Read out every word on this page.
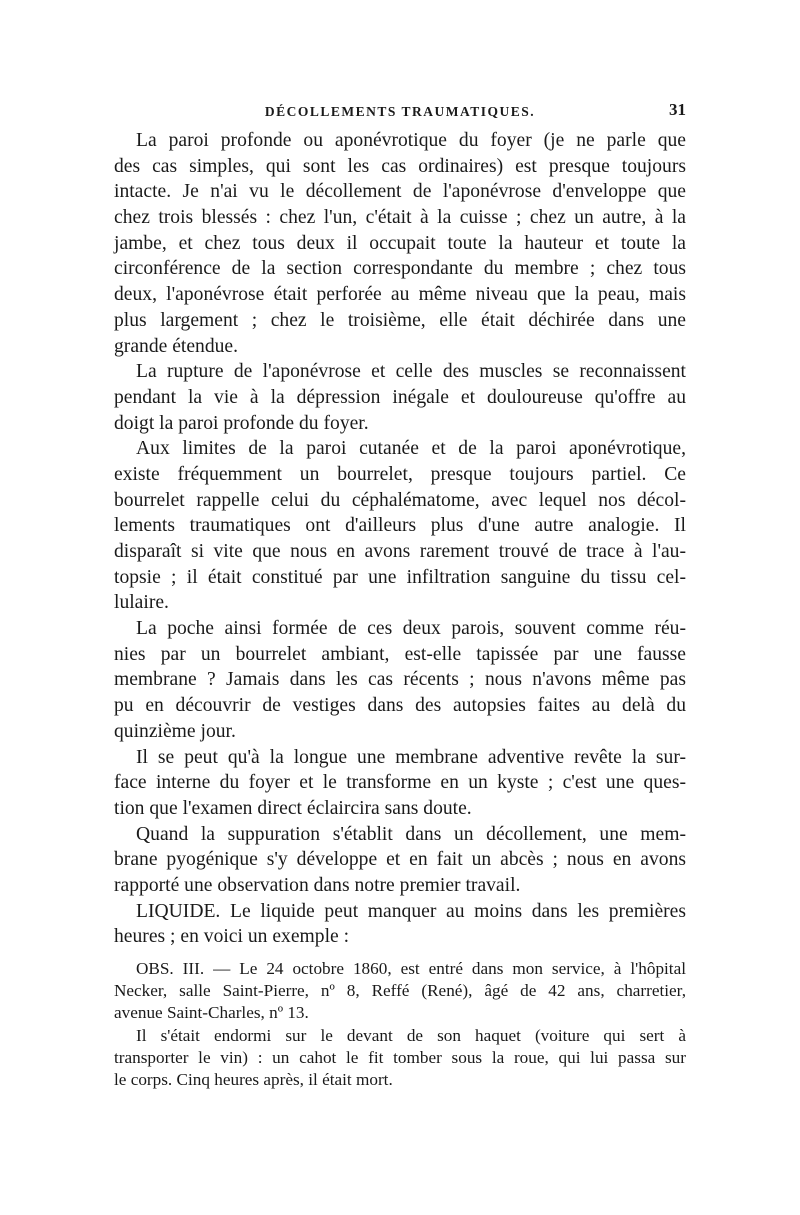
DÉCOLLEMENTS TRAUMATIQUES.	31
La paroi profonde ou aponévrotique du foyer (je ne parle que
des cas simples, qui sont les cas ordinaires) est presque toujours
intacte. Je n'ai vu le décollement de l'aponévrose d'enveloppe que
chez trois blessés : chez l'un, c'était à la cuisse ; chez un autre, à la
jambe, et chez tous deux il occupait toute la hauteur et toute la
circonférence de la section correspondante du membre ; chez tous
deux, l'aponévrose était perforée au même niveau que la peau, mais
plus largement ; chez le troisième, elle était déchirée dans une
grande étendue.
La rupture de l'aponévrose et celle des muscles se reconnaissent
pendant la vie à la dépression inégale et douloureuse qu'offre au
doigt la paroi profonde du foyer.
Aux limites de la paroi cutanée et de la paroi aponévrotique,
existe fréquemment un bourrelet, presque toujours partiel. Ce
bourrelet rappelle celui du céphalématome, avec lequel nos décol-
lements traumatiques ont d'ailleurs plus d'une autre analogie. Il
disparaît si vite que nous en avons rarement trouvé de trace à l'au-
topsie ; il était constitué par une infiltration sanguine du tissu cel-
lulaire.
La poche ainsi formée de ces deux parois, souvent comme réu-
nies par un bourrelet ambiant, est-elle tapissée par une fausse
membrane ? Jamais dans les cas récents ; nous n'avons même pas
pu en découvrir de vestiges dans des autopsies faites au delà du
quinzième jour.
Il se peut qu'à la longue une membrane adventive revête la sur-
face interne du foyer et le transforme en un kyste ; c'est une ques-
tion que l'examen direct éclaircira sans doute.
Quand la suppuration s'établit dans un décollement, une mem-
brane pyogénique s'y développe et en fait un abcès ; nous en avons
rapporté une observation dans notre premier travail.
LIQUIDE. Le liquide peut manquer au moins dans les premières
heures ; en voici un exemple :
OBS. III. — Le 24 octobre 1860, est entré dans mon service, à l'hôpital
Necker, salle Saint-Pierre, nº 8, Reffé (René), âgé de 42 ans, charretier,
avenue Saint-Charles, nº 13.
Il s'était endormi sur le devant de son haquet (voiture qui sert à
transporter le vin) : un cahot le fit tomber sous la roue, qui lui passa sur
le corps. Cinq heures après, il était mort.
